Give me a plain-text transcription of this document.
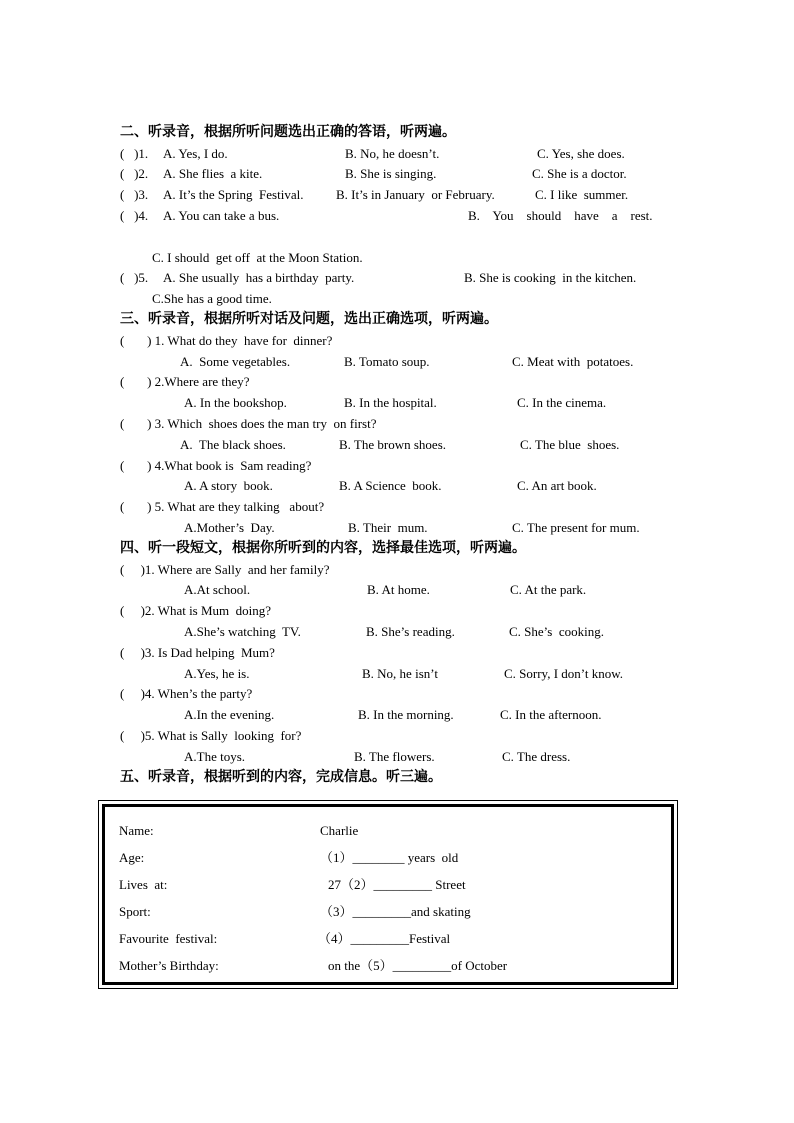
二、听录音，根据所听问题选出正确的答语，听两遍。
(   )1. A. Yes, I do.	B. No, he doesn’t.	C. Yes, she does.
(   )2. A. She flies  a kite.	B. She is singing.	C. She is a doctor.
(   )3. A. It’s the Spring  Festival.	B. It’s in January  or February.	C. I like  summer.
(   )4. A. You can take a bus.	B.    You    should    have    a    rest.
C. I should  get off  at the Moon Station.
(   )5. A. She usually  has a birthday  party.	B. She is cooking  in the kitchen.
C.She has a good time.
三、听录音，根据所听对话及问题，选出正确选项，听两遍。
(       ) 1. What do they  have for  dinner?
A.  Some vegetables.	B. Tomato soup.	C. Meat with  potatoes.
(       ) 2.Where are they?
A. In the bookshop.	B. In the hospital.	C. In the cinema.
(       ) 3. Which  shoes does the man try  on first?
A.  The black shoes.	B. The brown shoes.	C. The blue  shoes.
(       ) 4.What book is  Sam reading?
A. A story  book.	B. A Science  book.	C. An art book.
(       ) 5. What are they talking   about?
A.Mother’s  Day.	B. Their  mum.	C. The present for mum.
四、听一段短文，根据你所听到的内容，选择最佳选项，听两遍。
(     )1. Where are Sally  and her family?
A.At school.	B. At home.	C. At the park.
(     )2. What is Mum  doing?
A.She’s watching  TV.	B. She’s reading.	C. She’s  cooking.
(     )3. Is Dad helping  Mum?
A.Yes, he is.	B. No, he isn’t	C. Sorry, I don’t know.
(     )4. When’s the party?
A.In the evening.	B. In the morning.	C. In the afternoon.
(     )5. What is Sally  looking  for?
A.The toys.	B. The flowers.	C. The dress.
五、听录音，根据听到的内容，完成信息。听三遍。
Name:	Charlie
Age:	（1）________ years  old
Lives  at:	27（2）_________ Street
Sport:	（3）_________and skating
Favourite  festival:	（4）_________Festival
Mother’s Birthday:	on the（5）_________of October
